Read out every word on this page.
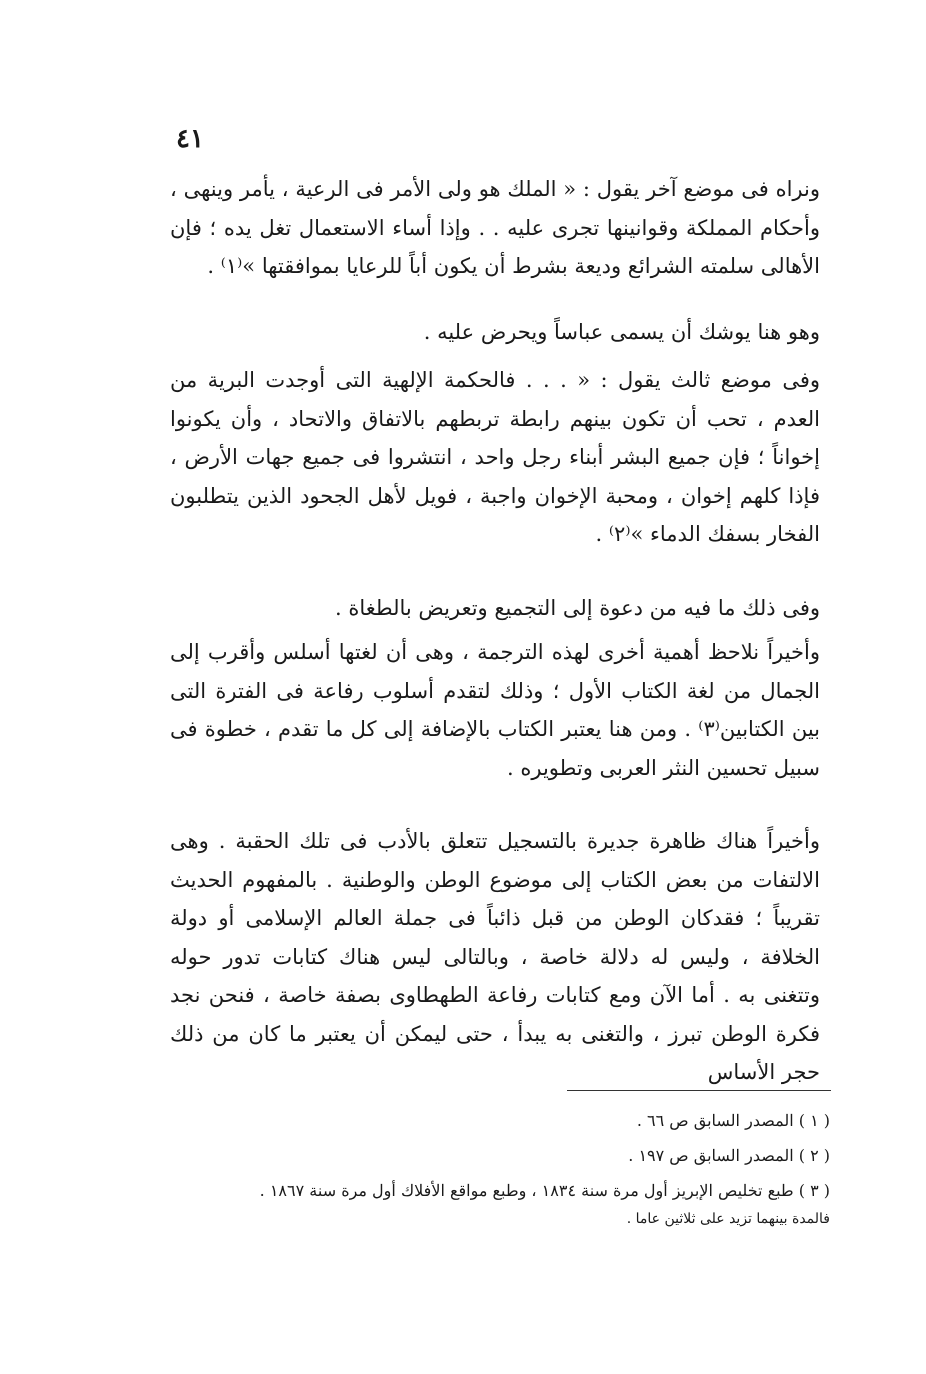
٤١

ونراه فى موضع آخر يقول : « الملك هو ولى الأمر فى الرعية ، يأمر وينهى ، وأحكام المملكة وقوانينها تجرى عليه . . وإذا أساء الاستعمال تغل يده ؛ فإن الأهالى سلمته الشرائع وديعة بشرط أن يكون أباً للرعايا بموافقتها »⁽١⁾ .

وهو هنا يوشك أن يسمى عباساً ويحرض عليه .

وفى موضع ثالث يقول : « . . . فالحكمة الإلهية التى أوجدت البرية من العدم ، تحب أن تكون بينهم رابطة تربطهم بالاتفاق والاتحاد ، وأن يكونوا إخواناً ؛ فإن جميع البشر أبناء رجل واحد ، انتشروا فى جميع جهات الأرض ، فإذا كلهم إخوان ، ومحبة الإخوان واجبة ، فويل لأهل الجحود الذين يتطلبون الفخار بسفك الدماء »⁽٢⁾ .

وفى ذلك ما فيه من دعوة إلى التجميع وتعريض بالطغاة .

وأخيراً نلاحظ أهمية أخرى لهذه الترجمة ، وهى أن لغتها أسلس وأقرب إلى الجمال من لغة الكتاب الأول ؛ وذلك لتقدم أسلوب رفاعة فى الفترة التى بين الكتابين⁽٣⁾ . ومن هنا يعتبر الكتاب بالإضافة إلى كل ما تقدم ، خطوة فى سبيل تحسين النثر العربى وتطويره .

وأخيراً هناك ظاهرة جديرة بالتسجيل تتعلق بالأدب فى تلك الحقبة . وهى الالتفات من بعض الكتاب إلى موضوع الوطن والوطنية . بالمفهوم الحديث تقريباً ؛ فقدكان الوطن من قبل ذائباً فى جملة العالم الإسلامى أو دولة الخلافة ، وليس له دلالة خاصة ، وبالتالى ليس هناك كتابات تدور حوله وتتغنى به . أما الآن ومع كتابات رفاعة الطهطاوى بصفة خاصة ، فنحن نجد فكرة الوطن تبرز ، والتغنى به يبدأ ، حتى ليمكن أن يعتبر ما كان من ذلك حجر الأساس

( ١ ) المصدر السابق ص ٦٦ .

( ٢ ) المصدر السابق ص ١٩٧ .

( ٣ ) طبع تخليص الإبريز أول مرة سنة ١٨٣٤ ، وطبع مواقع الأفلاك أول مرة سنة ١٨٦٧ .

فالمدة بينهما تزيد على ثلاثين عاما .
